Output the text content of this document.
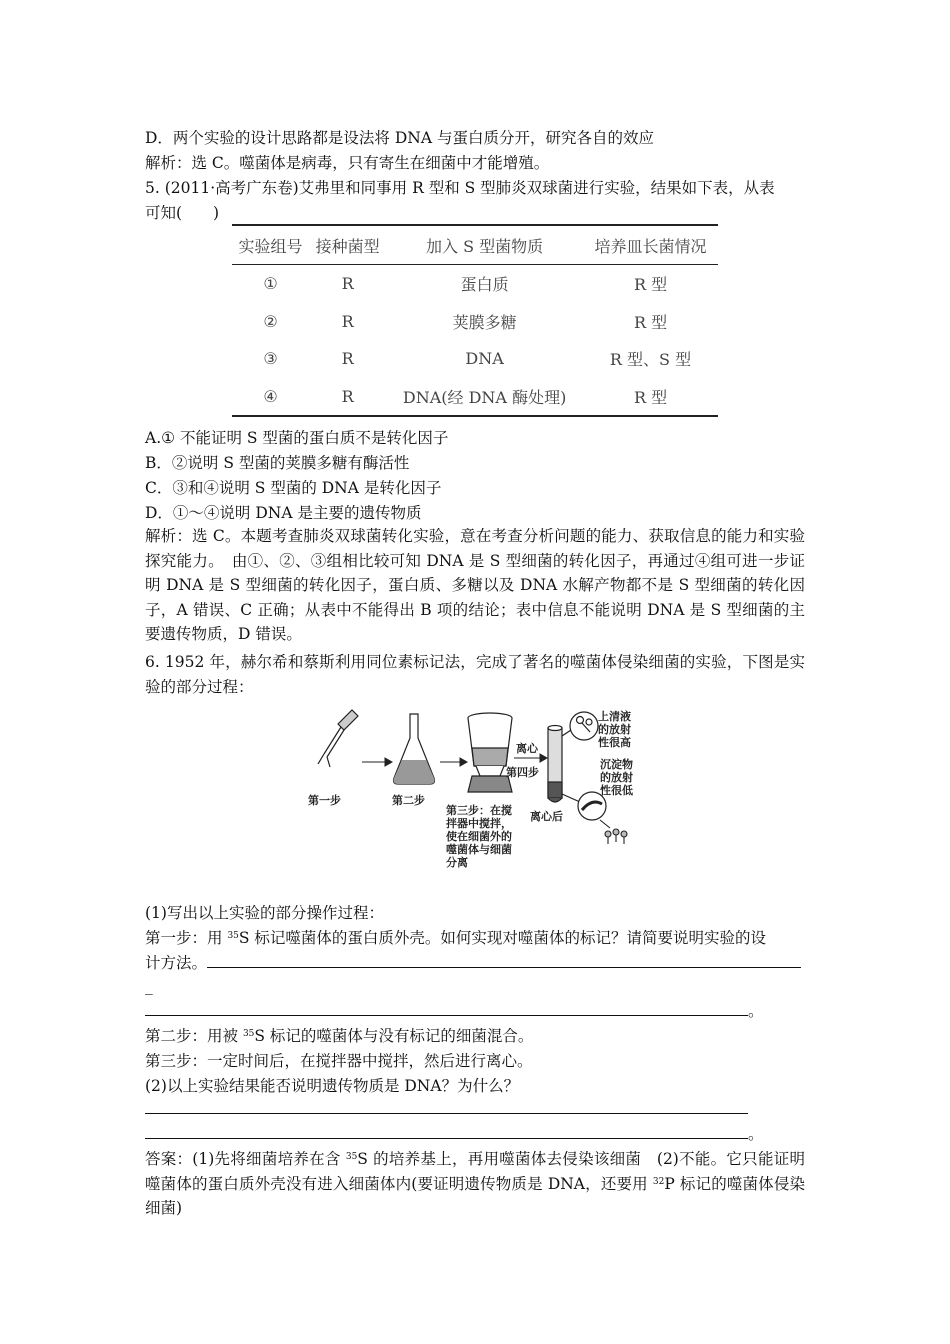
D．两个实验的设计思路都是设法将 DNA 与蛋白质分开，研究各自的效应
解析：选 C。噬菌体是病毒，只有寄生在细菌中才能增殖。
5. (2011·高考广东卷)艾弗里和同事用 R 型和 S 型肺炎双球菌进行实验，结果如下表，从表
可知(　　)
实验组号	接种菌型	加入 S 型菌物质	培养皿长菌情况
①	R	蛋白质	R 型
②	R	荚膜多糖	R 型
③	R	DNA	R 型、S 型
④	R	DNA(经 DNA 酶处理)	R 型
A.① 不能证明 S 型菌的蛋白质不是转化因子
B．②说明 S 型菌的荚膜多糖有酶活性
C．③和④说明 S 型菌的 DNA 是转化因子
D．①～④说明 DNA 是主要的遗传物质
解析：选 C。本题考查肺炎双球菌转化实验，意在考查分析问题的能力、获取信息的能力和实验探究能力。　由①、②、③组相比较可知 DNA 是 S 型细菌的转化因子，再通过④组可进一步证明 DNA 是 S 型细菌的转化因子，蛋白质、多糖以及 DNA 水解产物都不是 S 型细菌的转化因子，A 错误、C 正确；从表中不能得出 B 项的结论；表中信息不能说明 DNA 是 S 型细菌的主要遗传物质，D 错误。
6. 1952 年，赫尔希和蔡斯利用同位素标记法，完成了著名的噬菌体侵染细菌的实验，下图是实验的部分过程：
第一步	第二步
第三步：在搅
拌器中搅拌，
使在细菌外的
噬菌体与细菌
分离
离心
第四步
离心后
上清液
的放射
性很高
沉淀物
的放射
性很低
(1)写出以上实验的部分操作过程：
第一步：用 $^{35}$S 标记噬菌体的蛋白质外壳。如何实现对噬菌体的标记？请简要说明实验的设
计方法。
_
。
第二步：用被 $^{35}$S 标记的噬菌体与没有标记的细菌混合。
第三步：一定时间后，在搅拌器中搅拌，然后进行离心。
(2)以上实验结果能否说明遗传物质是 DNA？为什么？
。
答案：(1)先将细菌培养在含 $^{35}$S 的培养基上，再用噬菌体去侵染该细菌　(2)不能。它只能证明噬菌体的蛋白质外壳没有进入细菌体内(要证明遗传物质是 DNA，还要用 $^{32}$P 标记的噬菌体侵染细菌)
